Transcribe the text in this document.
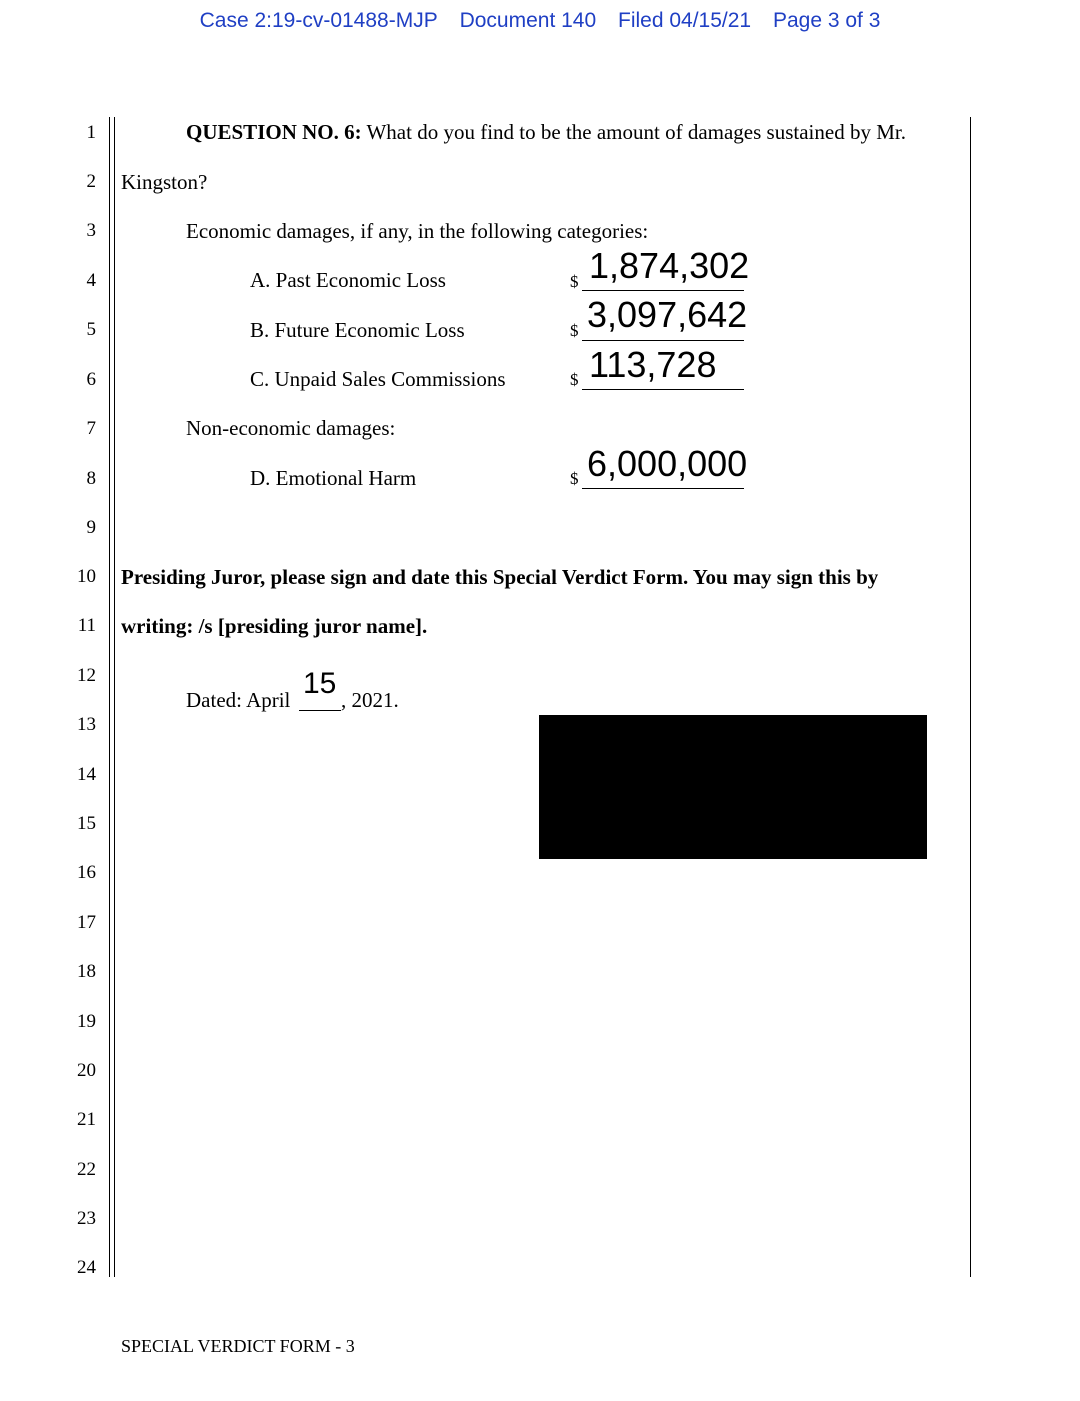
Case 2:19-cv-01488-MJP Document 140 Filed 04/15/21 Page 3 of 3
1
2
3
4
5
6
7
8
9
10
11
12
13
14
15
16
17
18
19
20
21
22
23
24
QUESTION NO. 6: What do you find to be the amount of damages sustained by Mr.
Kingston?
Economic damages, if any, in the following categories:
A. Past Economic Loss	$ 1,874,302
B. Future Economic Loss	$ 3,097,642
C. Unpaid Sales Commissions	$ 113,728
Non-economic damages:
D. Emotional Harm	$ 6,000,000
Presiding Juror, please sign and date this Special Verdict Form. You may sign this by
writing: /s [presiding juror name].
Dated: April 15 , 2021.
SPECIAL VERDICT FORM - 3
